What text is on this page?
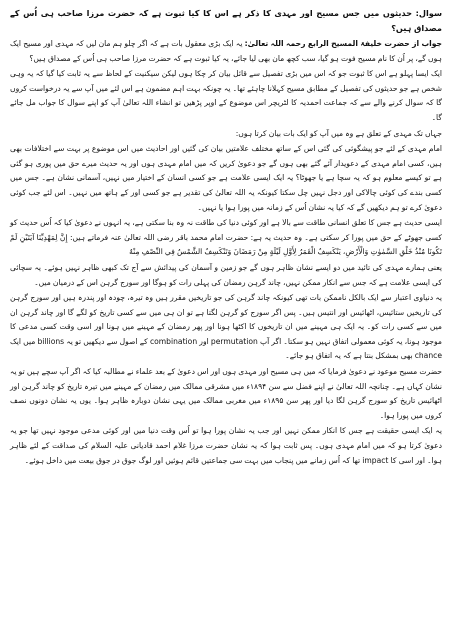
سوال: حدیثوں میں جس مسیح اور مہدی کا ذکر ہے اس کا کیا ثبوت ہے کہ حضرت مرزا صاحب ہی اُس کے مصداق ہیں؟

جواب از حضرت خلیفۃ المسیح الرابع رحمہ اللہ تعالیٰ: یہ ایک بڑی معقول بات ہے کہ اگر چلو ہم مان لیں کہ مہدی اور مسیح ایک ہوں گے، پر اُن کا نام مسیح فوت ہو گیا، سب کچھ مان بھی لیا جائے، یہ کیا ثبوت ہے کہ حضرت مرزا صاحب ہی اُس کے مصداق ہیں؟

ایک ایسا پہلو ہے اس کا ثبوت جو کہ اس میں بڑی تفصیل سے قائل بیان کر چکا ہوں لیکن سیکنیت کے لحاظ سے یہ ثابت کیا گیا کہ یہ وہی شخص ہے جو حدیثوں کی تفصیل کے مطابق مسیح کہلانا چاہئے تھا۔ یہ چونکہ بہت اہم مضمون ہے اس لئے میں آپ سے یہ درخواست کروں گا کہ سوال کرنے والے سے کہ جماعت احمدیہ کا لٹریچر اس موضوع کے اوپر پڑھیں تو انشاء اللہ تعالیٰ آپ کو اپنے سوال کا جواب مل جائے گا۔

جہاں تک مہدی کے تعلق ہے وہ میں آپ کو ایک بات بیان کرتا ہوں:

امام مہدی کے لئے جو پیشگوئی کی گئی اس کے ساتھ مختلف علامتیں بیان کی گئیں اور احادیث میں اس موضوع پر بہت سے اختلافات بھی ہیں، کسی امام مہدی کے دعویدار آئے گئے بھی ہوں گے جو دعویٰ کریں کہ میں امام مہدی ہوں اور یہ حدیث میرے حق میں پوری ہو گئی ہے تو کیسے معلوم ہو کہ یہ سچا ہے یا جھوٹا؟ یہ ایک ایسی علامت ہے جو کسی انسان کے اختیار میں نہیں، آسمانی نشان ہے۔ جس میں کسی بندے کی کوئی چالاکی اور دجل نہیں چل سکتا کیونکہ یہ اللہ تعالیٰ کی تقدیر ہے جو کسی اور کے ہاتھ میں نہیں۔ اس لئے جب کوئی دعویٰ کرے تو ہم دیکھیں گے کہ کیا یہ نشان اُس کے زمانہ میں پورا ہوا یا نہیں۔

ایسی حدیث ہے جس کا تعلق انسانی طاقت سے بالا ہے اور کوئی دنیا کی طاقت نہ وہ بنا سکتی ہے، یہ انہوں نے دعویٰ کیا کہ اُس حدیث کو کسی جھوٹے کے حق میں پورا کر سکتی ہے۔ وہ حدیث یہ ہے: حضرت امام محمد باقر رضی اللہ تعالیٰ عنہ فرماتے ہیں: إِنَّ لِمَهْدِيِّنَا آيَتَيْنِ لَمْ تَكُونَا مُنْذُ خَلْقِ السَّمٰوٰتِ وَالْأَرْضِ، يَنْكَسِفُ الْقَمَرُ لِأَوَّلِ لَيْلَةٍ مِنْ رَمَضَانَ وَتَنْكَسِفُ الشَّمْسُ فِي النِّصْفِ مِنْهُ

یعنی ہمارے مہدی کی تائید میں دو ایسے نشان ظاہر ہوں گے جو زمین و آسمان کی پیدائش سے آج تک کبھی ظاہر نہیں ہوئے۔ یہ سچائی کی ایسی علامت ہے کہ جس سے انکار ممکن نہیں، چاند گرہن رمضان کی پہلی رات کو ہوگا اور سورج گرہن اس کے درمیان میں۔

یہ دنیاوی اعتبار سے ایک بالکل ناممکن بات تھی کیونکہ چاند گرہن کی جو تاریخیں مقرر ہیں وہ تیرہ، چودہ اور پندرہ ہیں اور سورج گرہن کی تاریخیں ستائیس، اٹھائیس اور انتیس ہیں۔ پس اگر سورج کو گرہن لگتا ہے تو ان ہی میں سے کسی تاریخ کو لگے گا اور چاند گرہن ان میں سے کسی رات کو۔ یہ ایک ہی مہینے میں ان تاریخوں کا اکٹھا ہونا اور پھر رمضان کے مہینے میں ہونا اور اسی وقت کسی مدعی کا موجود ہونا، یہ کوئی معمولی اتفاق نہیں ہو سکتا۔ اگر آپ permutation اور combination کے اصول سے دیکھیں تو یہ billions میں ایک chance بھی بمشکل بنتا ہے کہ یہ اتفاق ہو جائے۔

حضرت مسیح موعود نے دعویٰ فرمایا کہ میں ہی مسیح اور مہدی ہوں اور اس دعویٰ کے بعد علماء نے مطالبہ کیا کہ اگر آپ سچے ہیں تو یہ نشان کہاں ہے۔ چنانچہ اللہ تعالیٰ نے اپنے فضل سے سن ۱۸۹۴ء میں مشرقی ممالک میں رمضان کے مہینے میں تیرہ تاریخ کو چاند گرہن اور اٹھائیس تاریخ کو سورج گرہن لگا دیا اور پھر سن ۱۸۹۵ء میں مغربی ممالک میں یہی نشان دوبارہ ظاہر ہوا۔ یوں یہ نشان دونوں نصف کروں میں پورا ہوا۔

یہ ایک ایسی حقیقت ہے جس کا انکار ممکن نہیں اور جب یہ نشان پورا ہوا تو اُس وقت دنیا میں اور کوئی مدعی موجود نہیں تھا جو یہ دعویٰ کرتا ہو کہ میں امام مہدی ہوں۔ پس ثابت ہوا کہ یہ نشان حضرت مرزا غلام احمد قادیانی علیہ السلام کی صداقت کے لئے ظاہر ہوا۔ اور اسی کا impact تھا کہ اُس زمانے میں پنجاب میں بہت سی جماعتیں قائم ہوئیں اور لوگ جوق در جوق بیعت میں داخل ہوئے۔
